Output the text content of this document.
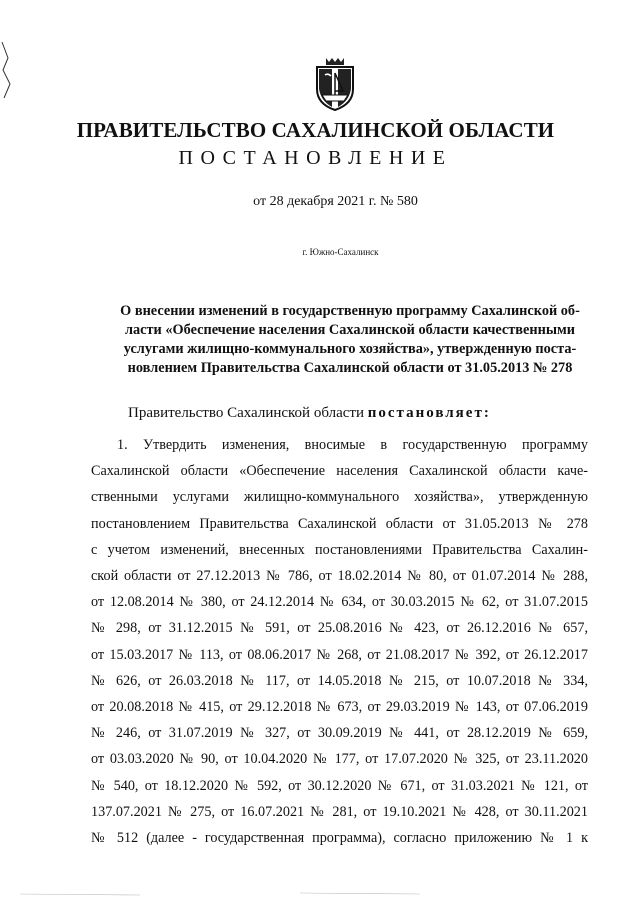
ПРАВИТЕЛЬСТВО САХАЛИНСКОЙ ОБЛАСТИ
ПОСТАНОВЛЕНИЕ
от 28 декабря 2021 г. № 580
г. Южно-Сахалинск
О внесении изменений в государственную программу Сахалинской об-
ласти «Обеспечение населения Сахалинской области качественными
услугами жилищно-коммунального хозяйства», утвержденную поста-
новлением Правительства Сахалинской области от 31.05.2013 № 278
Правительство Сахалинской области постановляет:
1. Утвердить изменения, вносимые в государственную программу
Сахалинской области «Обеспечение населения Сахалинской области каче-
ственными услугами жилищно-коммунального хозяйства», утвержденную
постановлением Правительства Сахалинской области от 31.05.2013 № 278
с учетом изменений, внесенных постановлениями Правительства Сахалин-
ской области от 27.12.2013 № 786, от 18.02.2014 № 80, от 01.07.2014 № 288,
от 12.08.2014 № 380, от 24.12.2014 № 634, от 30.03.2015 № 62, от 31.07.2015
№ 298, от 31.12.2015 № 591, от 25.08.2016 № 423, от 26.12.2016 № 657,
от 15.03.2017 № 113, от 08.06.2017 № 268, от 21.08.2017 № 392, от 26.12.2017
№ 626, от 26.03.2018 № 117, от 14.05.2018 № 215, от 10.07.2018 № 334,
от 20.08.2018 № 415, от 29.12.2018 № 673, от 29.03.2019 № 143, от 07.06.2019
№ 246, от 31.07.2019 № 327, от 30.09.2019 № 441, от 28.12.2019 № 659,
от 03.03.2020 № 90, от 10.04.2020 № 177, от 17.07.2020 № 325, от 23.11.2020
№ 540, от 18.12.2020 № 592, от 30.12.2020 № 671, от 31.03.2021 № 121, от
137.07.2021 № 275, от 16.07.2021 № 281, от 19.10.2021 № 428, от 30.11.2021
№ 512 (далее - государственная программа), согласно приложению № 1 к
